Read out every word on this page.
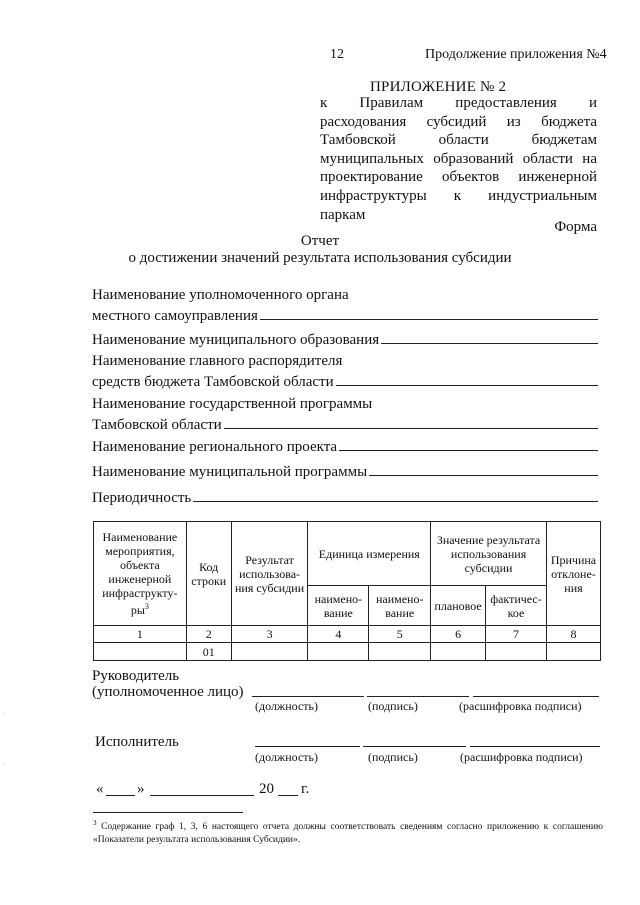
12	Продолжение приложения №4
ПРИЛОЖЕНИЕ № 2
к Правилам предоставления и
расходования субсидий из бюджета
Тамбовской области бюджетам
муниципальных образований области на
проектирование объектов инженерной
инфраструктуры к индустриальным
паркам
Форма
Отчет
о достижении значений результата использования субсидии
Наименование уполномоченного органа
местного самоуправления
Наименование муниципального образования
Наименование главного распорядителя
средств бюджета Тамбовской области
Наименование государственной программы
Тамбовской области
Наименование регионального проекта
Наименование муниципальной программы
Периодичность
Наименование мероприятия, объекта инженерной инфраструкту-$ры^3$	Код строки	Результат использова-ния субсидии	Единица измерения		Значение результата использования субсидии		Причина отклоне-ния
			наимено-вание	наимено-вание	плановое	фактичес-кое	
1	2	3	4	5	6	7	8
	01						
Руководитель
(уполномоченное лицо)
(должность)	(подпись)	(расшифровка подписи)
Исполнитель
(должность)	(подпись)	(расшифровка подписи)
« »	20 г.
$^3$ Содержание граф 1, 3, 6 настоящего отчета должны соответствовать сведениям согласно приложению к соглашению «Показатели результата использования Субсидии».
·
·
